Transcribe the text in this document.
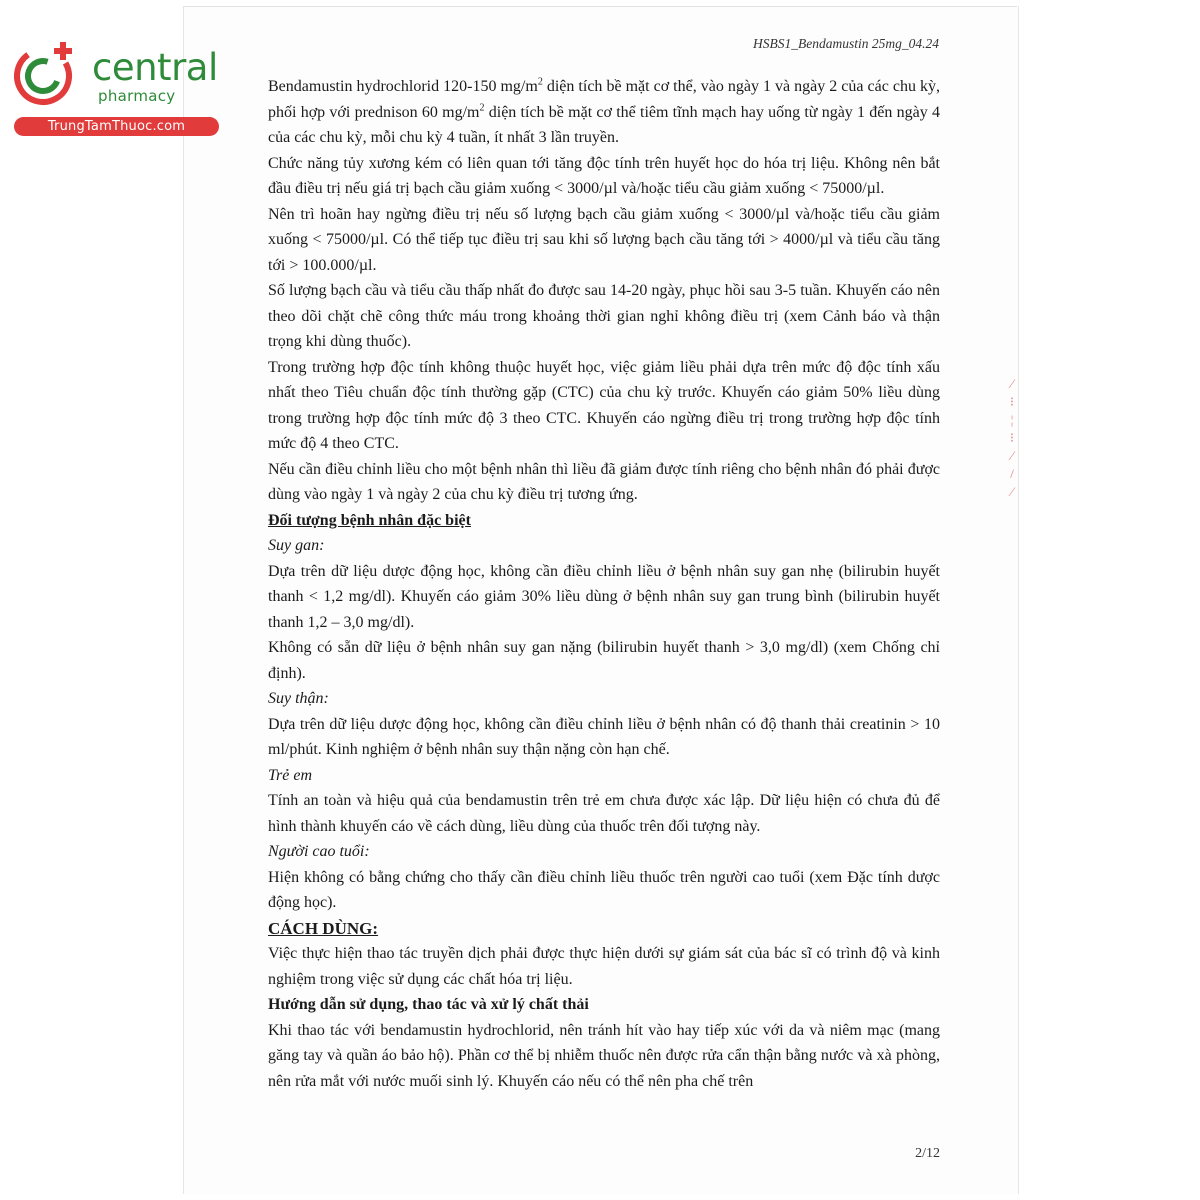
central
pharmacy
TrungTamThuoc.com
HSBS1_Bendamustin 25mg_04.24

Bendamustin hydrochlorid 120-150 $mg/m^2$ diện tích bề mặt cơ thể, vào ngày 1 và ngày 2 của các chu kỳ, phối hợp với prednison 60 $mg/m^2$ diện tích bề mặt cơ thể tiêm tĩnh mạch hay uống từ ngày 1 đến ngày 4 của các chu kỳ, mỗi chu kỳ 4 tuần, ít nhất 3 lần truyền.

Chức năng tủy xương kém có liên quan tới tăng độc tính trên huyết học do hóa trị liệu. Không nên bắt đầu điều trị nếu giá trị bạch cầu giảm xuống < 3000/µl và/hoặc tiểu cầu giảm xuống < 75000/µl.

Nên trì hoãn hay ngừng điều trị nếu số lượng bạch cầu giảm xuống < 3000/µl và/hoặc tiểu cầu giảm xuống < 75000/µl. Có thể tiếp tục điều trị sau khi số lượng bạch cầu tăng tới > 4000/µl và tiểu cầu tăng tới > 100.000/µl.

Số lượng bạch cầu và tiểu cầu thấp nhất đo được sau 14-20 ngày, phục hồi sau 3-5 tuần. Khuyến cáo nên theo dõi chặt chẽ công thức máu trong khoảng thời gian nghỉ không điều trị (xem Cảnh báo và thận trọng khi dùng thuốc).

Trong trường hợp độc tính không thuộc huyết học, việc giảm liều phải dựa trên mức độ độc tính xấu nhất theo Tiêu chuẩn độc tính thường gặp (CTC) của chu kỳ trước. Khuyến cáo giảm 50% liều dùng trong trường hợp độc tính mức độ 3 theo CTC. Khuyến cáo ngừng điều trị trong trường hợp độc tính mức độ 4 theo CTC.

Nếu cần điều chỉnh liều cho một bệnh nhân thì liều đã giảm được tính riêng cho bệnh nhân đó phải được dùng vào ngày 1 và ngày 2 của chu kỳ điều trị tương ứng.

Đối tượng bệnh nhân đặc biệt

Suy gan:

Dựa trên dữ liệu dược động học, không cần điều chỉnh liều ở bệnh nhân suy gan nhẹ (bilirubin huyết thanh < 1,2 mg/dl). Khuyến cáo giảm 30% liều dùng ở bệnh nhân suy gan trung bình (bilirubin huyết thanh 1,2 – 3,0 mg/dl).

Không có sẵn dữ liệu ở bệnh nhân suy gan nặng (bilirubin huyết thanh > 3,0 mg/dl) (xem Chống chỉ định).

Suy thận:

Dựa trên dữ liệu dược động học, không cần điều chỉnh liều ở bệnh nhân có độ thanh thải creatinin > 10 ml/phút. Kinh nghiệm ở bệnh nhân suy thận nặng còn hạn chế.

Trẻ em

Tính an toàn và hiệu quả của bendamustin trên trẻ em chưa được xác lập. Dữ liệu hiện có chưa đủ để hình thành khuyến cáo về cách dùng, liều dùng của thuốc trên đối tượng này.

Người cao tuổi:

Hiện không có bằng chứng cho thấy cần điều chỉnh liều thuốc trên người cao tuổi (xem Đặc tính dược động học).

CÁCH DÙNG:

Việc thực hiện thao tác truyền dịch phải được thực hiện dưới sự giám sát của bác sĩ có trình độ và kinh nghiệm trong việc sử dụng các chất hóa trị liệu.

Hướng dẫn sử dụng, thao tác và xử lý chất thải

Khi thao tác với bendamustin hydrochlorid, nên tránh hít vào hay tiếp xúc với da và niêm mạc (mang găng tay và quần áo bảo hộ). Phần cơ thể bị nhiễm thuốc nên được rửa cẩn thận bằng nước và xà phòng, nên rửa mắt với nước muối sinh lý. Khuyến cáo nếu có thể nên pha chế trên

⁄
⁝
¦
⁝
⁄
/
⁄
2/12
